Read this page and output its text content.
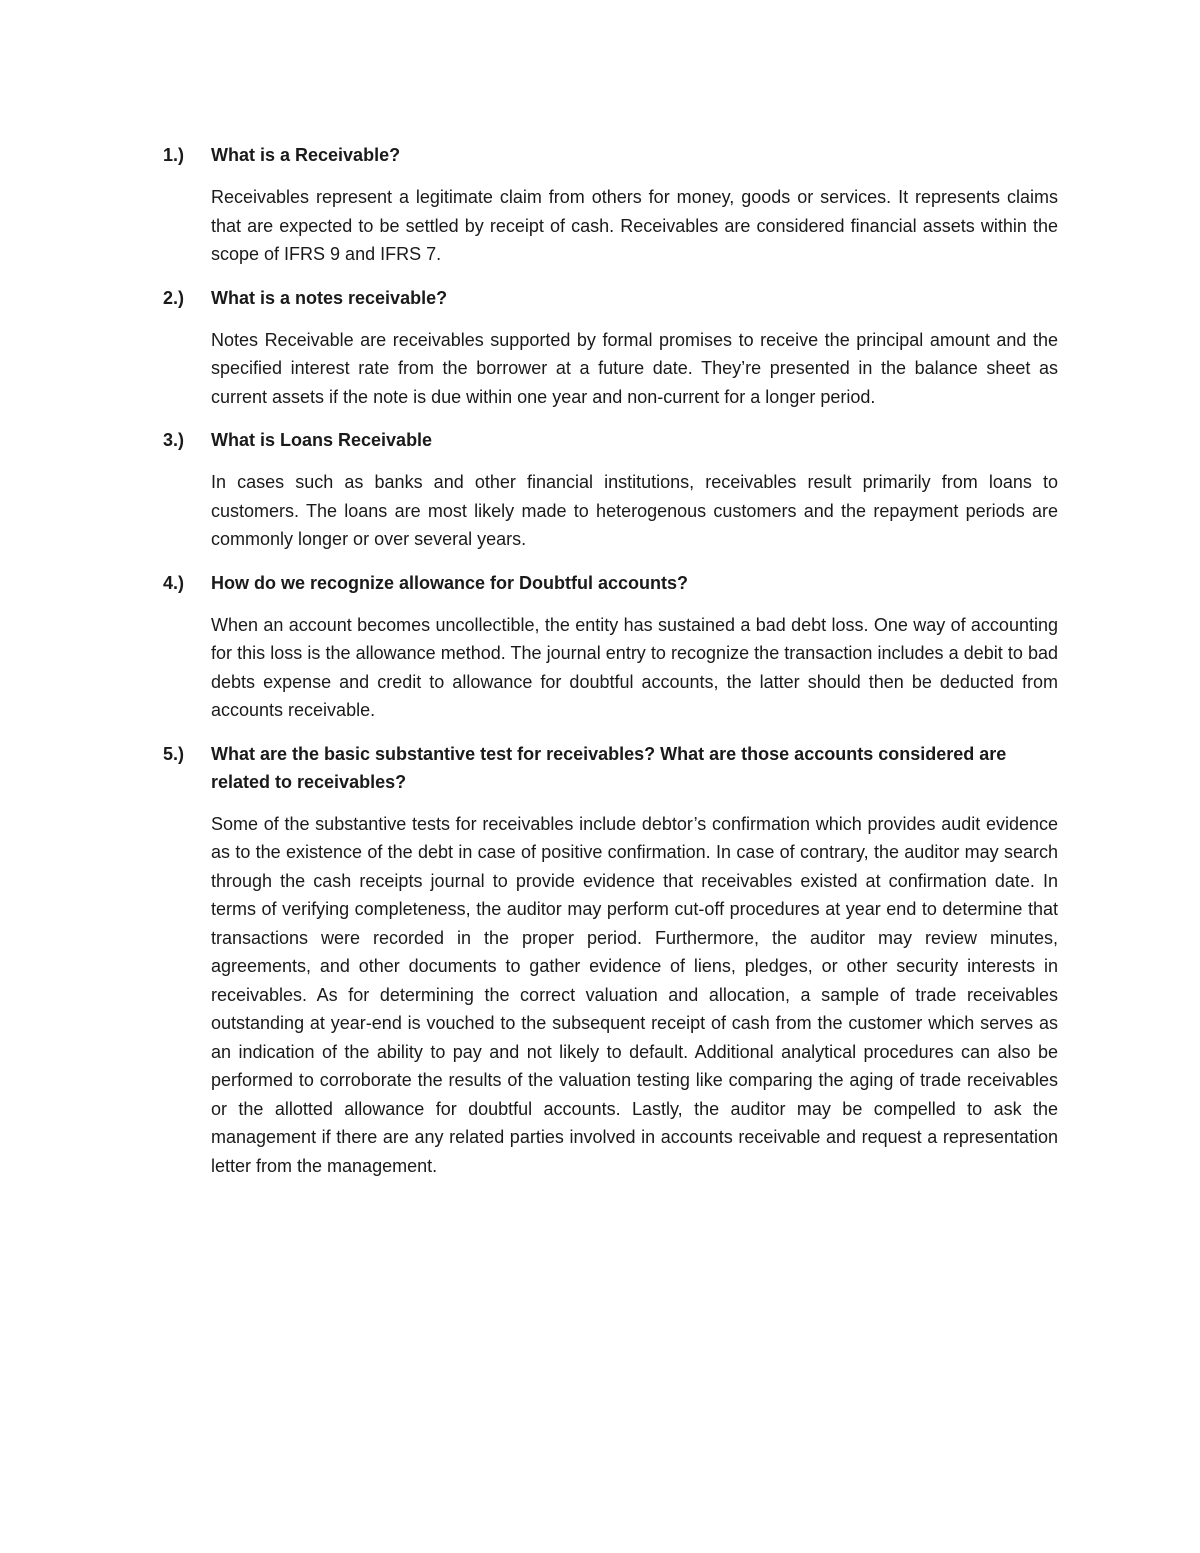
1.)	What is a Receivable?

Receivables represent a legitimate claim from others for money, goods or services. It represents claims that are expected to be settled by receipt of cash. Receivables are considered financial assets within the scope of IFRS 9 and IFRS 7.

2.)	What is a notes receivable?

Notes Receivable are receivables supported by formal promises to receive the principal amount and the specified interest rate from the borrower at a future date. They’re presented in the balance sheet as current assets if the note is due within one year and non-current for a longer period.

3.)	What is Loans Receivable

In cases such as banks and other financial institutions, receivables result primarily from loans to customers. The loans are most likely made to heterogenous customers and the repayment periods are commonly longer or over several years.

4.)	How do we recognize allowance for Doubtful accounts?

When an account becomes uncollectible, the entity has sustained a bad debt loss. One way of accounting for this loss is the allowance method. The journal entry to recognize the transaction includes a debit to bad debts expense and credit to allowance for doubtful accounts, the latter should then be deducted from accounts receivable.

5.)	What are the basic substantive test for receivables? What are those accounts considered are related to receivables?

Some of the substantive tests for receivables include debtor’s confirmation which provides audit evidence as to the existence of the debt in case of positive confirmation. In case of contrary, the auditor may search through the cash receipts journal to provide evidence that receivables existed at confirmation date. In terms of verifying completeness, the auditor may perform cut-off procedures at year end to determine that transactions were recorded in the proper period. Furthermore, the auditor may review minutes, agreements, and other documents to gather evidence of liens, pledges, or other security interests in receivables. As for determining the correct valuation and allocation, a sample of trade receivables outstanding at year-end is vouched to the subsequent receipt of cash from the customer which serves as an indication of the ability to pay and not likely to default. Additional analytical procedures can also be performed to corroborate the results of the valuation testing like comparing the aging of trade receivables or the allotted allowance for doubtful accounts. Lastly, the auditor may be compelled to ask the management if there are any related parties involved in accounts receivable and request a representation letter from the management.
